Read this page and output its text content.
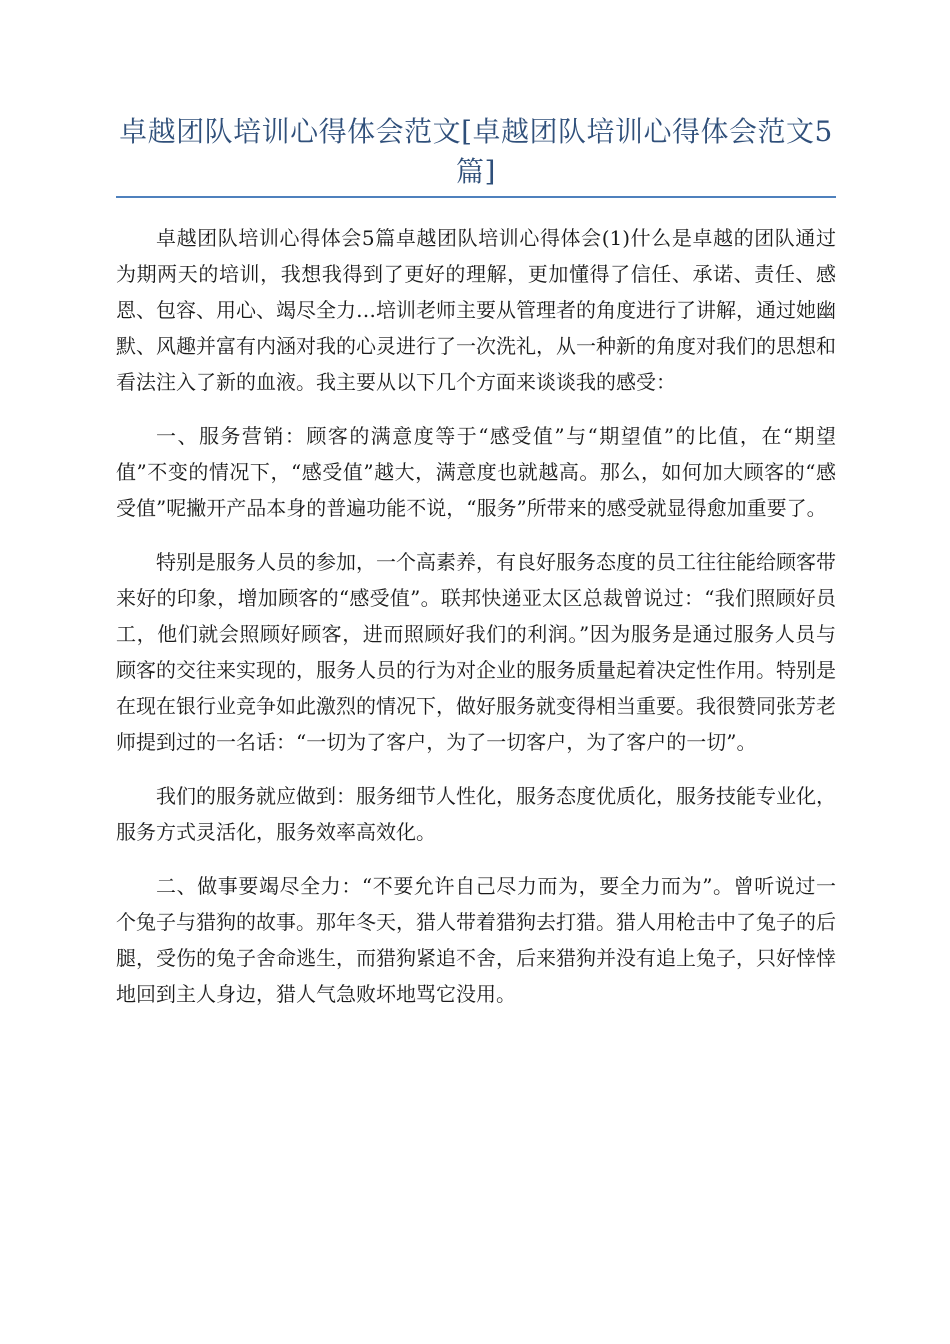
卓越团队培训心得体会范文[卓越团队培训心得体会范文5篇]

卓越团队培训心得体会5篇卓越团队培训心得体会(1)什么是卓越的团队通过为期两天的培训，我想我得到了更好的理解，更加懂得了信任、承诺、责任、感恩、包容、用心、竭尽全力…培训老师主要从管理者的角度进行了讲解，通过她幽默、风趣并富有内涵对我的心灵进行了一次洗礼，从一种新的角度对我们的思想和看法注入了新的血液。我主要从以下几个方面来谈谈我的感受：

一、服务营销：顾客的满意度等于“感受值”与“期望值”的比值，在“期望值”不变的情况下，“感受值”越大，满意度也就越高。那么，如何加大顾客的“感受值”呢撇开产品本身的普遍功能不说，“服务”所带来的感受就显得愈加重要了。

特别是服务人员的参加，一个高素养，有良好服务态度的员工往往能给顾客带来好的印象，增加顾客的“感受值”。联邦快递亚太区总裁曾说过：“我们照顾好员工，他们就会照顾好顾客，进而照顾好我们的利润。”因为服务是通过服务人员与顾客的交往来实现的，服务人员的行为对企业的服务质量起着决定性作用。特别是在现在银行业竞争如此激烈的情况下，做好服务就变得相当重要。我很赞同张芳老师提到过的一名话：“一切为了客户，为了一切客户，为了客户的一切”。

我们的服务就应做到：服务细节人性化，服务态度优质化，服务技能专业化，服务方式灵活化，服务效率高效化。

二、做事要竭尽全力：“不要允许自己尽力而为，要全力而为”。曾听说过一个兔子与猎狗的故事。那年冬天，猎人带着猎狗去打猎。猎人用枪击中了兔子的后腿，受伤的兔子舍命逃生，而猎狗紧追不舍，后来猎狗并没有追上兔子，只好悻悻地回到主人身边，猎人气急败坏地骂它没用。
